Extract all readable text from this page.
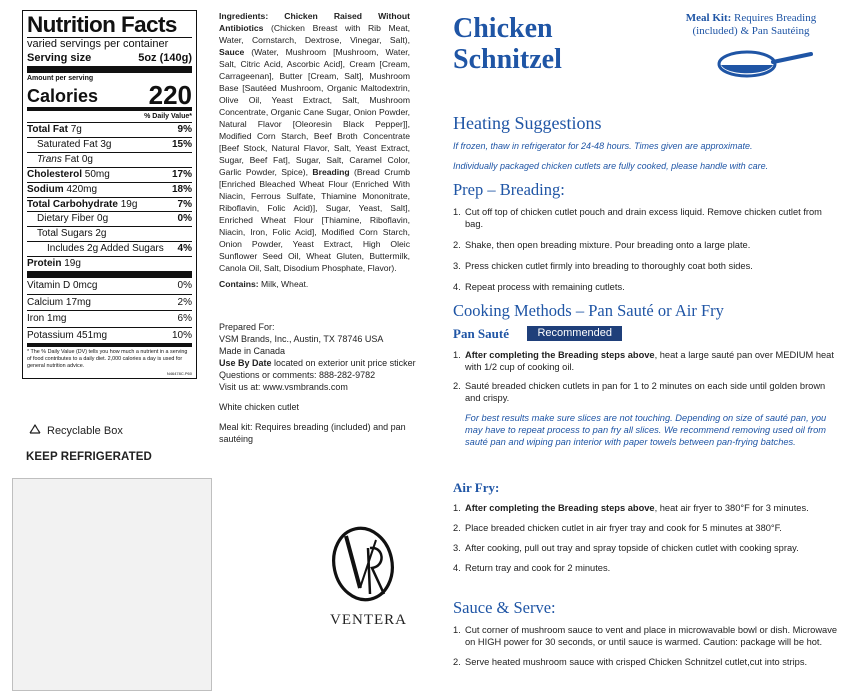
Nutrition Facts
varied servings per container
Serving size	5oz (140g)
Amount per serving
Calories 220
% Daily Value*
Total Fat 7g	9%
Saturated Fat 3g	15%
Trans Fat 0g
Cholesterol 50mg	17%
Sodium 420mg	18%
Total Carbohydrate 19g	7%
Dietary Fiber 0g	0%
Total Sugars 2g
Includes 2g Added Sugars 4%
Protein 19g
Vitamin D 0mcg	0%
Calcium 17mg	2%
Iron 1mg	6%
Potassium 451mg	10%
* The % Daily Value (DV) tells you how much a nutrient in a serving of food contributes to a daily diet. 2,000 calories a day is used for general nutrition advice.
N46478C.P60
Recyclable Box
KEEP REFRIGERATED
Ingredients: Chicken Raised Without Antibiotics (Chicken Breast with Rib Meat, Water, Cornstarch, Dextrose, Vinegar, Salt), Sauce (Water, Mushroom [Mushroom, Water, Salt, Citric Acid, Ascorbic Acid], Cream [Cream, Carrageenan], Butter [Cream, Salt], Mushroom Base [Sautéed Mushroom, Organic Maltodextrin, Olive Oil, Yeast Extract, Salt, Mushroom Concentrate, Organic Cane Sugar, Onion Powder, Natural Flavor [Oleoresin Black Pepper]], Modified Corn Starch, Beef Broth Concentrate [Beef Stock, Natural Flavor, Salt, Yeast Extract, Sugar, Beef Fat], Sugar, Salt, Caramel Color, Garlic Powder, Spice), Breading (Bread Crumb [Enriched Bleached Wheat Flour (Enriched With Niacin, Ferrous Sulfate, Thiamine Mononitrate, Riboflavin, Folic Acid)], Sugar, Yeast, Salt], Enriched Wheat Flour [Thiamine, Riboflavin, Niacin, Iron, Folic Acid], Modified Corn Starch, Onion Powder, Yeast Extract, High Oleic Sunflower Seed Oil, Wheat Gluten, Buttermilk, Canola Oil, Salt, Disodium Phosphate, Flavor).
Contains: Milk, Wheat.
Prepared For:
VSM Brands, Inc., Austin, TX 78746 USA
Made in Canada
Use By Date located on exterior unit price sticker
Questions or comments: 888-282-9782
Visit us at: www.vsmbrands.com
White chicken cutlet
Meal kit: Requires breading (included) and pan sautéing
VENTERA
Chicken
Schnitzel
Meal Kit: Requires Breading (included) & Pan Sautéing
Heating Suggestions
If frozen, thaw in refrigerator for 24-48 hours. Times given are approximate.
Individually packaged chicken cutlets are fully cooked, please handle with care.
Prep – Breading:
1. Cut off top of chicken cutlet pouch and drain excess liquid. Remove chicken cutlet from bag.
2. Shake, then open breading mixture. Pour breading onto a large plate.
3. Press chicken cutlet firmly into breading to thoroughly coat both sides.
4. Repeat process with remaining cutlets.
Cooking Methods – Pan Sauté or Air Fry
Pan Sauté	Recommended
1. After completing the Breading steps above, heat a large sauté pan over MEDIUM heat with 1/2 cup of cooking oil.
2. Sauté breaded chicken cutlets in pan for 1 to 2 minutes on each side until golden brown and crispy.
For best results make sure slices are not touching. Depending on size of sauté pan, you may have to repeat process to pan fry all slices. We recommend removing used oil from sauté pan and wiping pan interior with paper towels between pan-frying batches.
Air Fry:
1. After completing the Breading steps above, heat air fryer to 380°F for 3 minutes.
2. Place breaded chicken cutlet in air fryer tray and cook for 5 minutes at 380°F.
3. After cooking, pull out tray and spray topside of chicken cutlet with cooking spray.
4. Return tray and cook for 2 minutes.
Sauce & Serve:
1. Cut corner of mushroom sauce to vent and place in microwavable bowl or dish. Microwave on HIGH power for 30 seconds, or until sauce is warmed. Caution: package will be hot.
2. Serve heated mushroom sauce with crisped Chicken Schnitzel cutlet,cut into strips.
